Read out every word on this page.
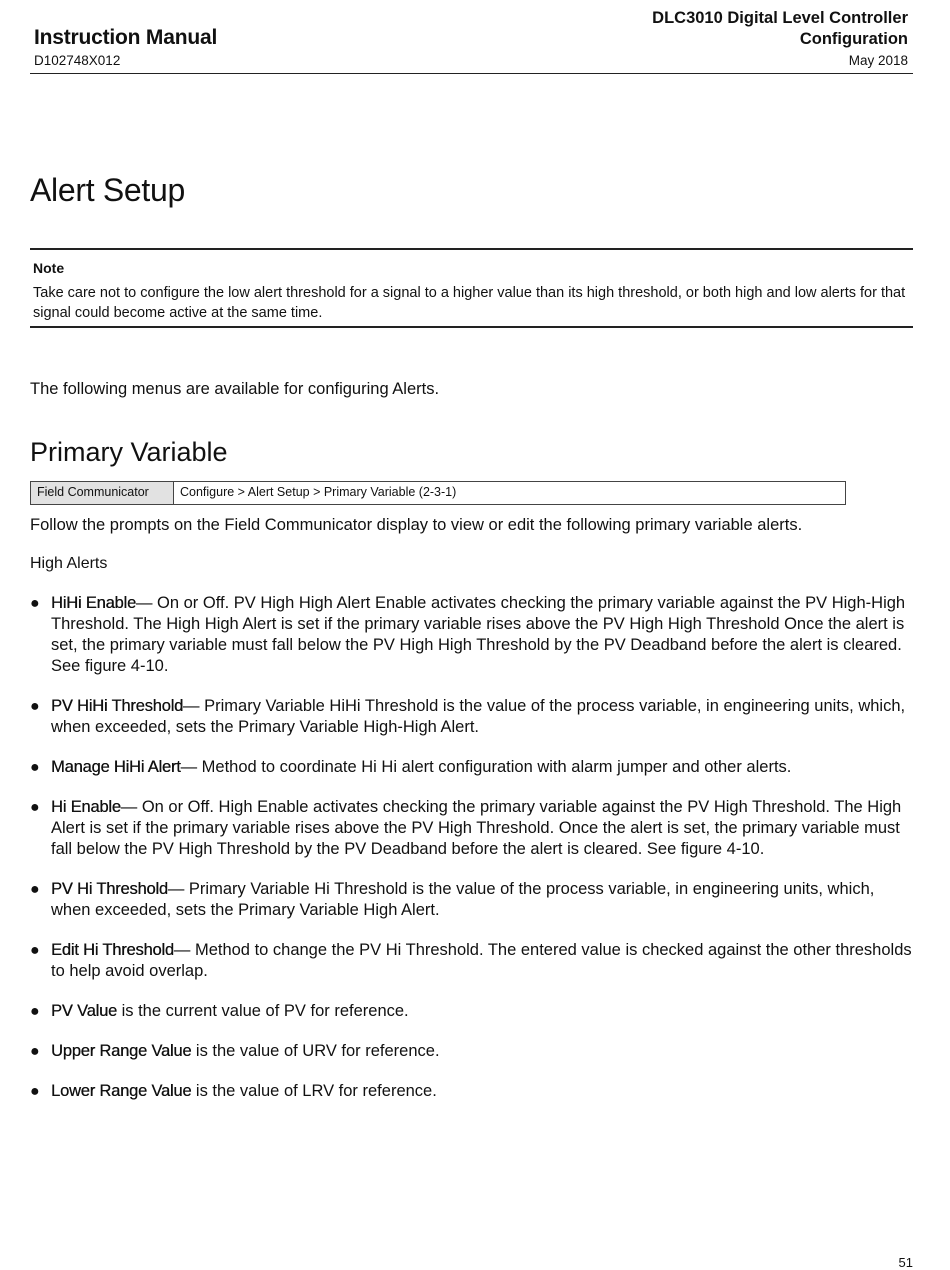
Instruction Manual
D102748X012
DLC3010 Digital Level Controller
Configuration
May 2018
Alert Setup
Note
Take care not to configure the low alert threshold for a signal to a higher value than its high threshold, or both high and low alerts for that signal could become active at the same time.
The following menus are available for configuring Alerts.
Primary Variable
Field Communicator	Configure > Alert Setup > Primary Variable (2-3-1)
Follow the prompts on the Field Communicator display to view or edit the following primary variable alerts.
High Alerts
● HiHi Enable— On or Off. PV High High Alert Enable activates checking the primary variable against the PV High-High Threshold. The High High Alert is set if the primary variable rises above the PV High High Threshold Once the alert is set, the primary variable must fall below the PV High High Threshold by the PV Deadband before the alert is cleared. See figure 4-10.
● PV HiHi Threshold— Primary Variable HiHi Threshold is the value of the process variable, in engineering units, which, when exceeded, sets the Primary Variable High-High Alert.
● Manage HiHi Alert— Method to coordinate Hi Hi alert configuration with alarm jumper and other alerts.
● Hi Enable— On or Off. High Enable activates checking the primary variable against the PV High Threshold. The High Alert is set if the primary variable rises above the PV High Threshold. Once the alert is set, the primary variable must fall below the PV High Threshold by the PV Deadband before the alert is cleared. See figure 4-10.
● PV Hi Threshold— Primary Variable Hi Threshold is the value of the process variable, in engineering units, which, when exceeded, sets the Primary Variable High Alert.
● Edit Hi Threshold— Method to change the PV Hi Threshold. The entered value is checked against the other thresholds to help avoid overlap.
● PV Value is the current value of PV for reference.
● Upper Range Value is the value of URV for reference.
● Lower Range Value is the value of LRV for reference.
51
